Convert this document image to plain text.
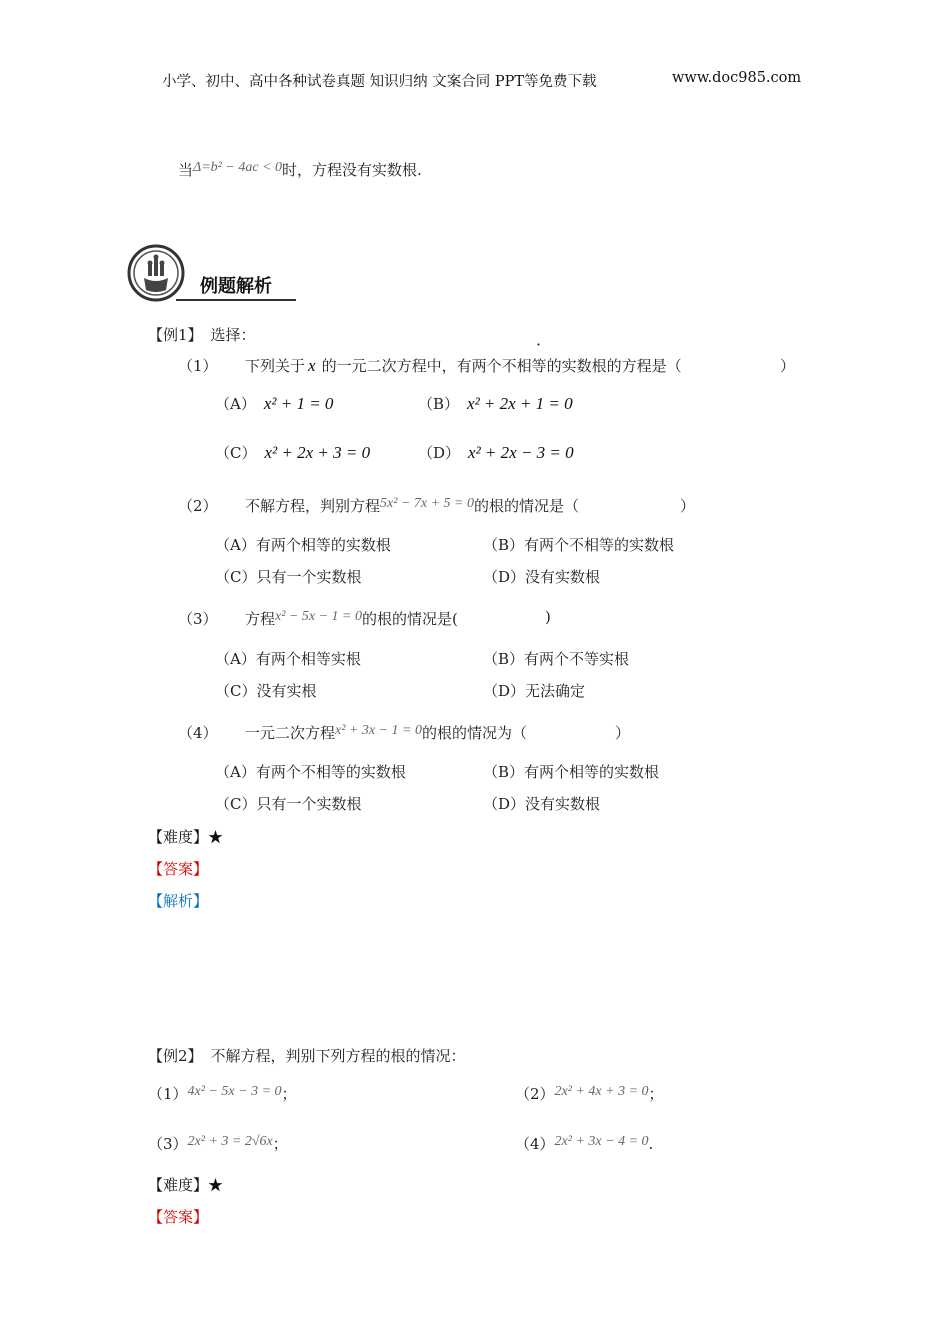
小学、初中、高中各种试卷真题 知识归纳 文案合同 PPT等免费下载	www.doc985.com
当Δ=b² − 4ac < 0时，方程没有实数根.
例题解析
【例1】 选择：
（1） 下列关于 x 的一元二次方程中，有两个不相等的实数根的方程是（
·
）
（A） x² + 1 = 0	（B） x² + 2x + 1 = 0
（C） x² + 2x + 3 = 0	（D） x² + 2x − 3 = 0
（2） 不解方程，判别方程5x² − 7x + 5 = 0的根的情况是（	）
（A）有两个相等的实数根	（B）有两个不相等的实数根
（C）只有一个实数根	（D）没有实数根
（3） 方程x² − 5x − 1 = 0的根的情况是(	)
（A）有两个相等实根	（B）有两个不等实根
（C）没有实根	（D）无法确定
（4） 一元二次方程x² + 3x − 1 = 0的根的情况为（	）
（A）有两个不相等的实数根	（B）有两个相等的实数根
（C）只有一个实数根	（D）没有实数根
【难度】★
【答案】
【解析】
【例2】 不解方程，判别下列方程的根的情况：
（1）4x² − 5x − 3 = 0；	（2）2x² + 4x + 3 = 0；
（3）2x² + 3 = 2√6x；	（4）2x² + 3x − 4 = 0.
【难度】★
【答案】
